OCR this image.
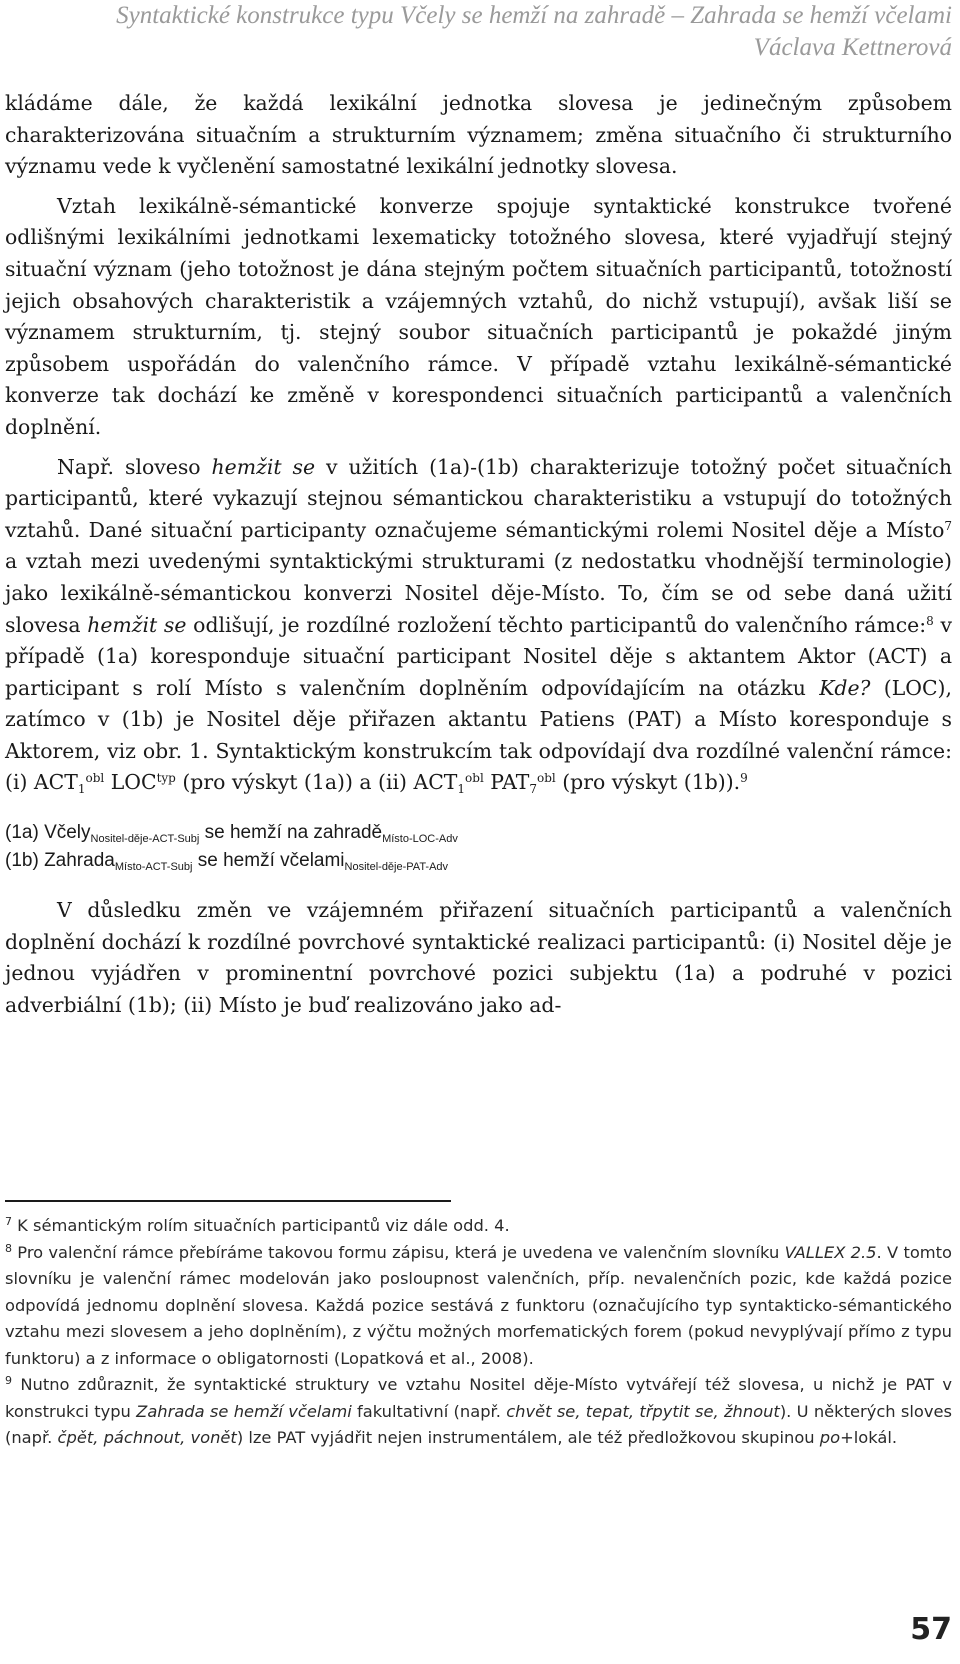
Syntaktické konstrukce typu Včely se hemží na zahradě – Zahrada se hemží včelami
Václava Kettnerová

kládáme dále, že každá lexikální jednotka slovesa je jedinečným způsobem charakterizována situačním a strukturním významem; změna situačního či strukturního významu vede k vyčlenění samostatné lexikální jednotky slovesa.

Vztah lexikálně-sémantické konverze spojuje syntaktické konstrukce tvořené odlišnými lexikálními jednotkami lexematicky totožného slovesa, které vyjadřují stejný situační význam (jeho totožnost je dána stejným počtem situačních participantů, totožností jejich obsahových charakteristik a vzájemných vztahů, do nichž vstupují), avšak liší se významem strukturním, tj. stejný soubor situačních participantů je pokaždé jiným způsobem uspořádán do valenčního rámce. V případě vztahu lexikálně-sémantické konverze tak dochází ke změně v korespondenci situačních participantů a valenčních doplnění.

Např. sloveso hemžit se v užitích (1a)-(1b) charakterizuje totožný počet situačních participantů, které vykazují stejnou sémantickou charakteristiku a vstupují do totožných vztahů. Dané situační participanty označujeme sémantickými rolemi Nositel děje a Místo$^7$ a vztah mezi uvedenými syntaktickými strukturami (z nedostatku vhodnější terminologie) jako lexikálně-sémantickou konverzi Nositel děje-Místo. To, čím se od sebe daná užití slovesa hemžit se odlišují, je rozdílné rozložení těchto participantů do valenčního rámce:$^8$ v případě (1a) koresponduje situační participant Nositel děje s aktantem Aktor (ACT) a participant s rolí Místo s valenčním doplněním odpovídajícím na otázku Kde? (LOC), zatímco v (1b) je Nositel děje přiřazen aktantu Patiens (PAT) a Místo koresponduje s Aktorem, viz obr. 1. Syntaktickým konstrukcím tak odpovídají dva rozdílné valenční rámce: (i) $ACT_1^{obl}$ $LOC^{typ}$ (pro výskyt (1a)) a (ii) $ACT_1^{obl}$ $PAT_7^{obl}$ (pro výskyt (1b)).$^9$

(1a) Včely$_{Nositel-děje-ACT-Subj}$ se hemží na zahradě$_{Místo-LOC-Adv}$
(1b) Zahrada$_{Místo-ACT-Subj}$ se hemží včelami$_{Nositel-děje-PAT-Adv}$

V důsledku změn ve vzájemném přiřazení situačních participantů a valenčních doplnění dochází k rozdílné povrchové syntaktické realizaci participantů: (i) Nositel děje je jednou vyjádřen v prominentní povrchové pozici subjektu (1a) a podruhé v pozici adverbiální (1b); (ii) Místo je buď realizováno jako ad-

$^7$ K sémantickým rolím situačních participantů viz dále odd. 4.

$^8$ Pro valenční rámce přebíráme takovou formu zápisu, která je uvedena ve valenčním slovníku VALLEX 2.5. V tomto slovníku je valenční rámec modelován jako posloupnost valenčních, příp. nevalenčních pozic, kde každá pozice odpovídá jednomu doplnění slovesa. Každá pozice sestává z funktoru (označujícího typ syntakticko-sémantického vztahu mezi slovesem a jeho doplněním), z výčtu možných morfematických forem (pokud nevyplývají přímo z typu funktoru) a z informace o obligatornosti (Lopatková et al., 2008).

$^9$ Nutno zdůraznit, že syntaktické struktury ve vztahu Nositel děje-Místo vytvářejí též slovesa, u nichž je PAT v konstrukci typu Zahrada se hemží včelami fakultativní (např. chvět se, tepat, třpytit se, žhnout). U některých sloves (např. čpět, páchnout, vonět) lze PAT vyjádřit nejen instrumentálem, ale též předložkovou skupinou po+lokál.

57
